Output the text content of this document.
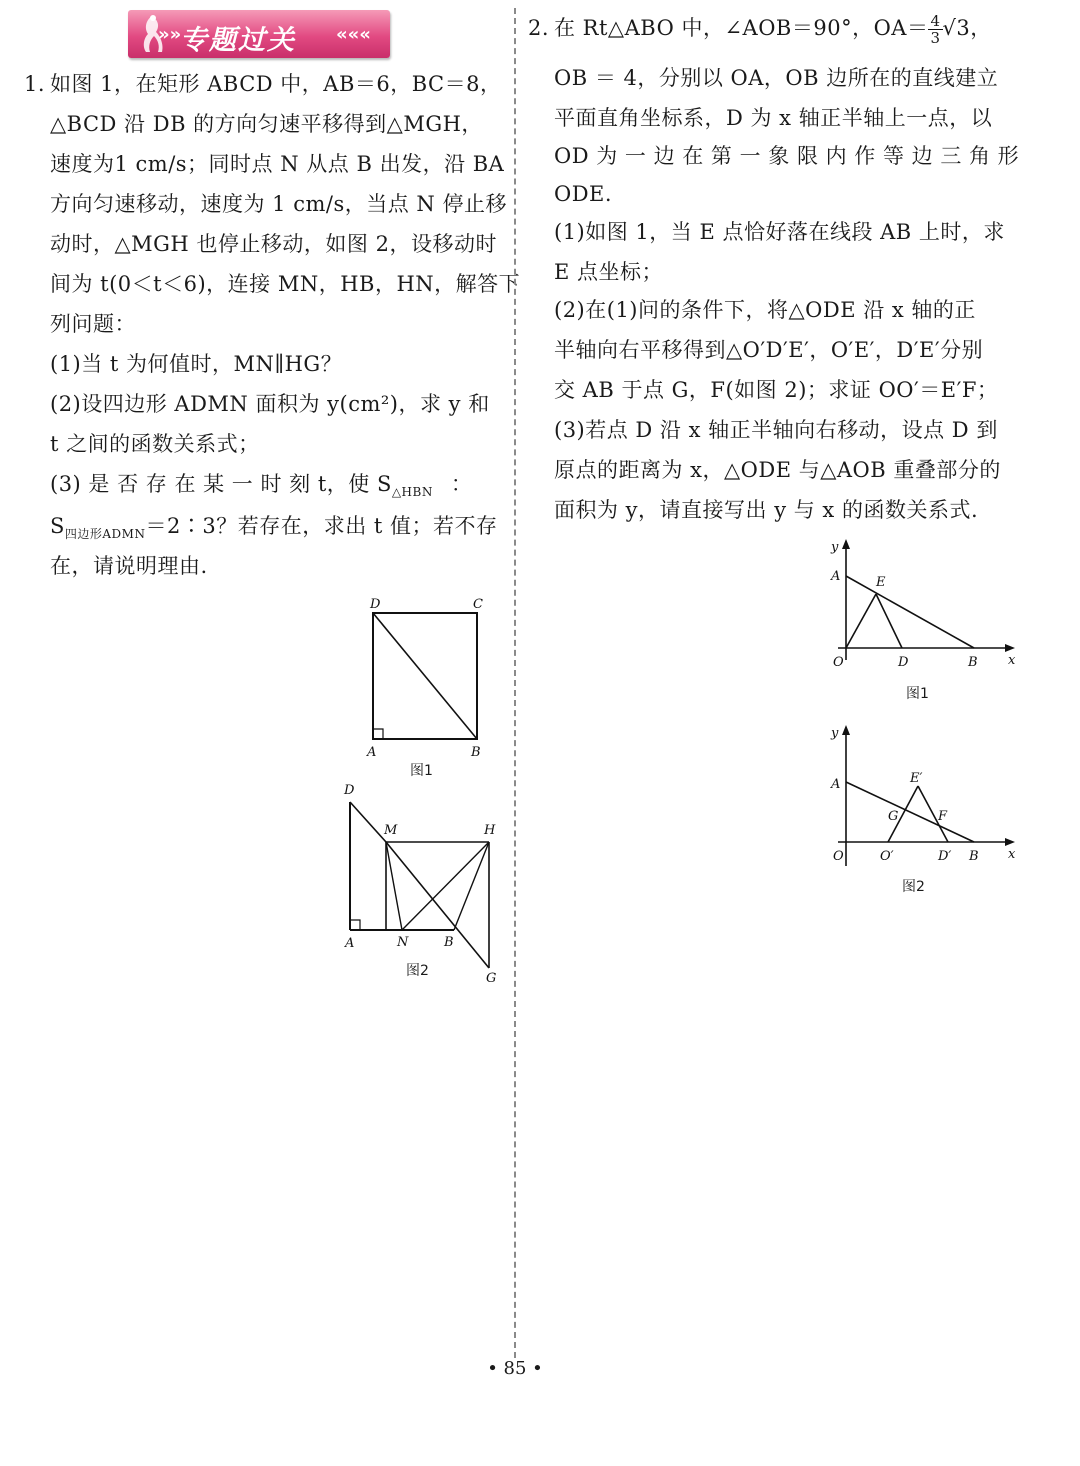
»»
专题过关 «««
1. 如图 1，在矩形 ABCD 中，AB＝6，BC＝8，
△BCD 沿 DB 的方向匀速平移得到△MGH，
速度为1 cm/s；同时点 N 从点 B 出发，沿 BA
方向匀速移动，速度为 1 cm/s，当点 N 停止移
动时，△MGH 也停止移动，如图 2，设移动时
间为 t(0＜t＜6)，连接 MN，HB，HN，解答下
列问题：
(1)当 t 为何值时，MN∥HG？
(2)设四边形 ADMN 面积为 y(cm²)，求 y 和
t 之间的函数关系式；
(3) 是 否 存 在 某 一 时 刻 t，使 $S_{\triangle HBN}$ ：
$S_{四边形ADMN}=2∶3$？若存在，求出 t 值；若不存
在，请说明理由.
D	C
A	B
图1
D
M	H
A	N	B
G
图2
2. 在 Rt△ABO 中，∠AOB＝90°，$OA= \frac{4}{3} √3$，
OB ＝ 4，分别以 OA，OB 边所在的直线建立
平面直角坐标系，D 为 x 轴正半轴上一点，以
OD 为 一 边 在 第 一 象 限 内 作 等 边 三 角 形
ODE.
(1)如图 1，当 E 点恰好落在线段 AB 上时，求
E 点坐标；
(2)在(1)问的条件下，将△ODE 沿 x 轴的正
半轴向右平移得到△O′D′E′，O′E′，D′E′分别
交 AB 于点 G，F(如图 2)；求证 OO′＝E′F；
(3)若点 D 沿 x 轴正半轴向右移动，设点 D 到
原点的距离为 x，△ODE 与△AOB 重叠部分的
面积为 y，请直接写出 y 与 x 的函数关系式.
y
A	E
O	D	B x
图1
y
A	E′
G	F
O	O′	D′ B x
图2
• 85 •
